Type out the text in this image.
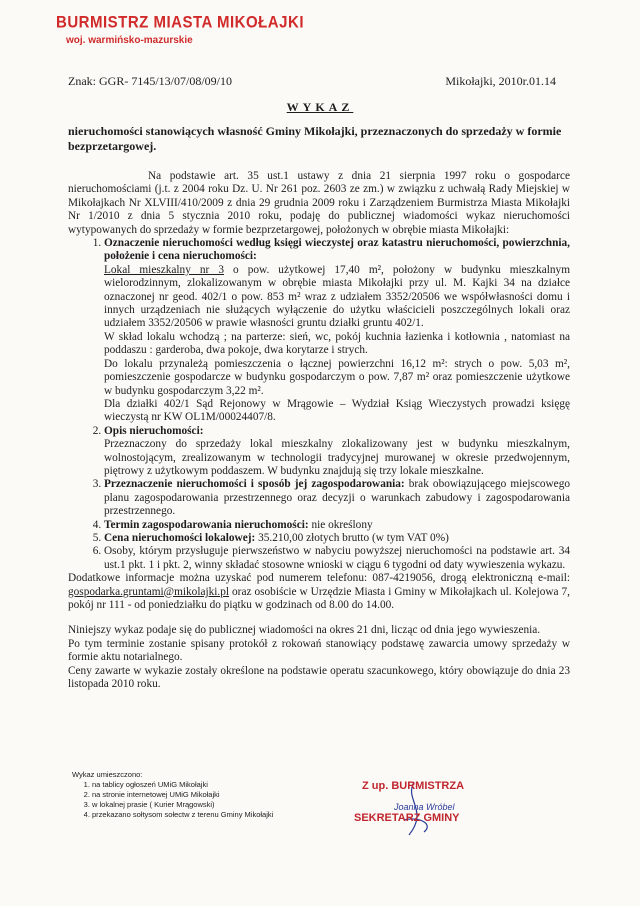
BURMISTRZ MIASTA MIKOŁAJKI
woj. warmińsko-mazurskie
Znak: GGR- 7145/13/07/08/09/10	Mikołajki, 2010r.01.14
WYKAZ
nieruchomości stanowiących własność Gminy Mikołajki, przeznaczonych do sprzedaży w formie bezprzetargowej.

Na podstawie art. 35 ust.1 ustawy z dnia 21 sierpnia 1997 roku o gospodarce nieruchomościami (j.t. z 2004 roku Dz. U. Nr 261 poz. 2603 ze zm.) w związku z uchwałą Rady Miejskiej w Mikołajkach Nr XLVIII/410/2009 z dnia 29 grudnia 2009 roku i Zarządzeniem Burmistrza Miasta Mikołajki Nr 1/2010 z dnia 5 stycznia 2010 roku, podaję do publicznej wiadomości wykaz nieruchomości wytypowanych do sprzedaży w formie bezprzetargowej, położonych w obrębie miasta Mikołajki:

1. Oznaczenie nieruchomości według księgi wieczystej oraz katastru nieruchomości, powierzchnia, położenie i cena nieruchomości:
Lokal mieszkalny nr 3 o pow. użytkowej 17,40 m², położony w budynku mieszkalnym wielorodzinnym, zlokalizowanym w obrębie miasta Mikołajki przy ul. M. Kajki 34 na działce oznaczonej nr geod. 402/1 o pow. 853 m² wraz z udziałem 3352/20506 we współwłasności domu i innych urządzeniach nie służących wyłączenie do użytku właścicieli poszczególnych lokali oraz udziałem 3352/20506 w prawie własności gruntu działki gruntu 402/1.
W skład lokalu wchodzą ; na parterze: sień, wc, pokój kuchnia łazienka i kotłownia , natomiast na poddaszu : garderoba, dwa pokoje, dwa korytarze i strych.
Do lokalu przynależą pomieszczenia o łącznej powierzchni 16,12 m²: strych o pow. 5,03 m², pomieszczenie gospodarcze w budynku gospodarczym o pow. 7,87 m² oraz pomieszczenie użytkowe w budynku gospodarczym 3,22 m².
Dla działki 402/1 Sąd Rejonowy w Mrągowie – Wydział Ksiąg Wieczystych prowadzi księgę wieczystą nr KW OL1M/00024407/8.
2. Opis nieruchomości:
Przeznaczony do sprzedaży lokal mieszkalny zlokalizowany jest w budynku mieszkalnym, wolnostojącym, zrealizowanym w technologii tradycyjnej murowanej w okresie przedwojennym, piętrowy z użytkowym poddaszem. W budynku znajdują się trzy lokale mieszkalne.
3. Przeznaczenie nieruchomości i sposób jej zagospodarowania: brak obowiązującego miejscowego planu zagospodarowania przestrzennego oraz decyzji o warunkach zabudowy i zagospodarowania przestrzennego.
4. Termin zagospodarowania nieruchomości: nie określony
5. Cena nieruchomości lokalowej: 35.210,00 złotych brutto (w tym VAT 0%)
6. Osoby, którym przysługuje pierwszeństwo w nabyciu powyższej nieruchomości na podstawie art. 34 ust.1 pkt. 1 i pkt. 2, winny składać stosowne wnioski w ciągu 6 tygodni od daty wywieszenia wykazu.

Dodatkowe informacje można uzyskać pod numerem telefonu: 087-4219056, drogą elektroniczną e-mail: gospodarka.gruntami@mikolajki.pl oraz osobiście w Urzędzie Miasta i Gminy w Mikołajkach ul. Kolejowa 7, pokój nr 111 - od poniedziałku do piątku w godzinach od 8.00 do 14.00.

Niniejszy wykaz podaje się do publicznej wiadomości na okres 21 dni, licząc od dnia jego wywieszenia.

Po tym terminie zostanie spisany protokół z rokowań stanowiący podstawę zawarcia umowy sprzedaży w formie aktu notarialnego.

Ceny zawarte w wykazie zostały określone na podstawie operatu szacunkowego, który obowiązuje do dnia 23 listopada 2010 roku.

Wykaz umieszczono:
1. na tablicy ogłoszeń UMiG Mikołajki
2. na stronie internetowej UMiG Mikołajki
3. w lokalnej prasie ( Kurier Mrągowski)
4. przekazano sołtysom sołectw z terenu Gminy Mikołajki
Z up. BURMISTRZA
Joanna Wróbel
SEKRETARZ GMINY
